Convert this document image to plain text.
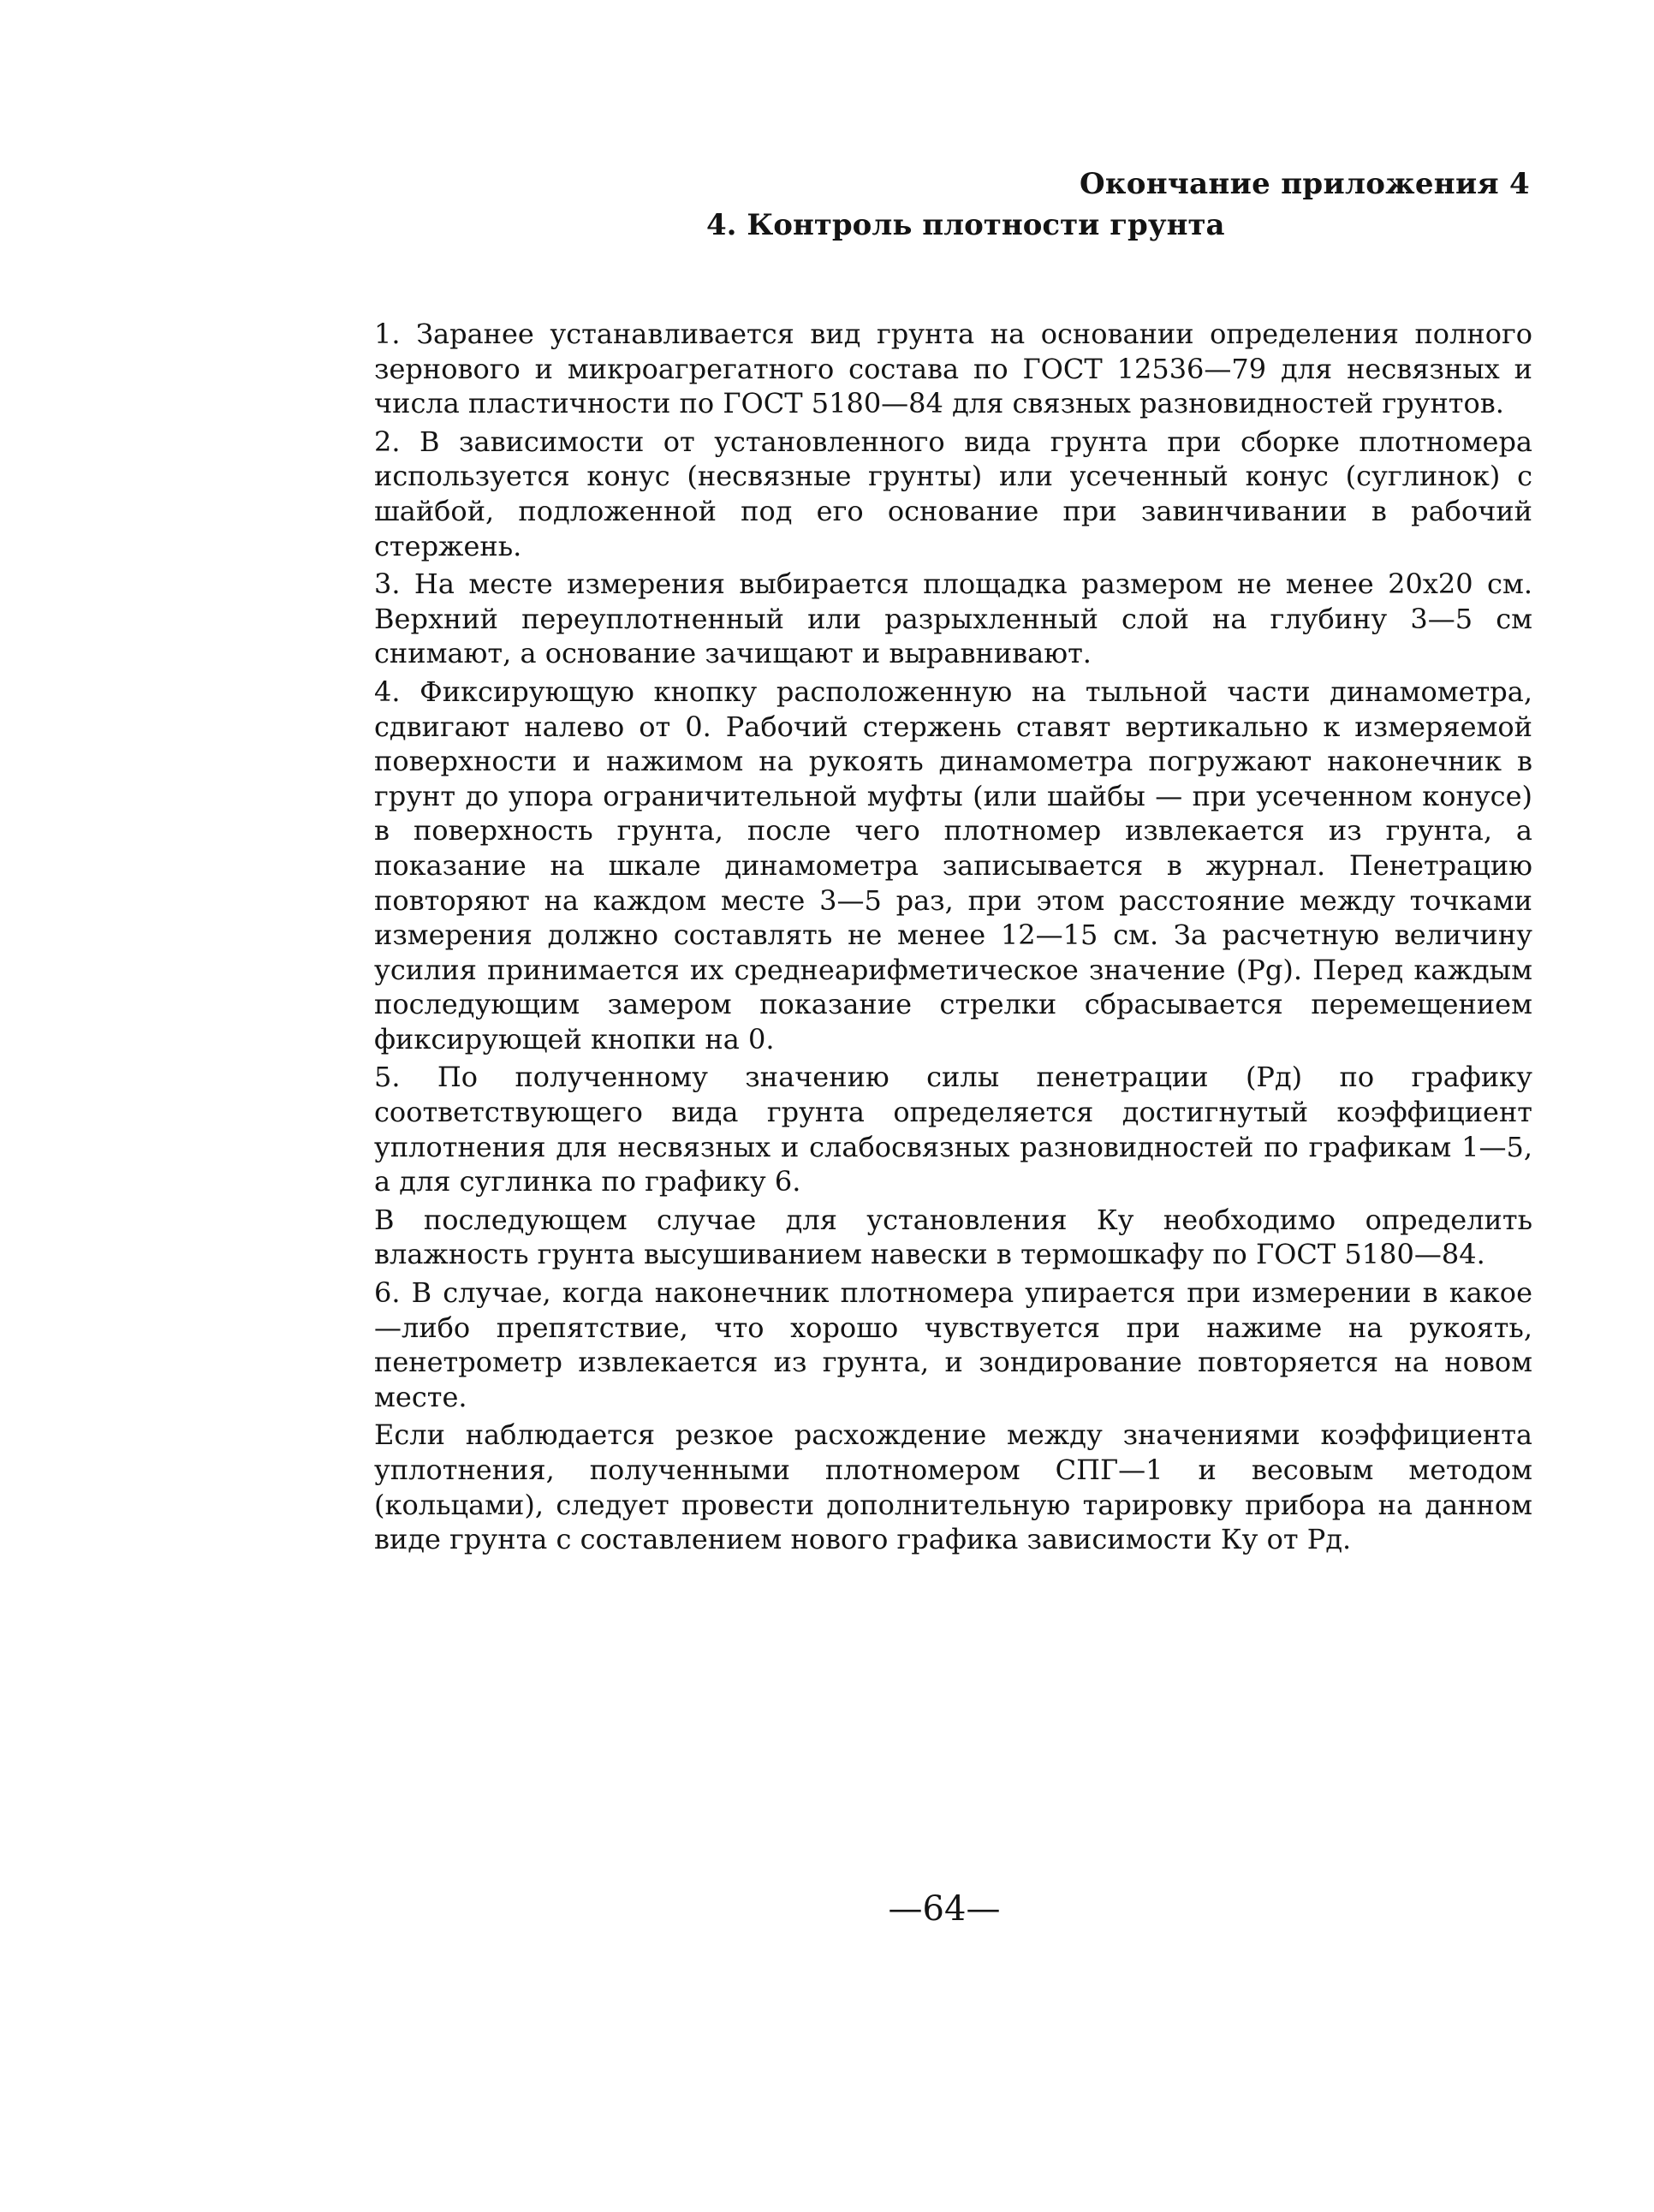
Окончание приложения 4

4. Контроль плотности грунта

1. Заранее устанавливается вид грунта на основании определения полного зернового и микроагрегатного состава по ГОСТ 12536—79 для несвязных и числа пластичности по ГОСТ 5180—84 для связных разновидностей грунтов.

2. В зависимости от установленного вида грунта при сборке плотномера используется конус (несвязные грунты) или усеченный конус (суглинок) с шайбой, подложенной под его основание при завинчивании в рабочий стержень.

3. На месте измерения выбирается площадка размером не менее 20х20 см. Верхний переуплотненный или разрыхленный слой на глубину 3—5 см снимают, а основание зачищают и выравнивают.

4. Фиксирующую кнопку расположенную на тыльной части динамометра, сдвигают налево от 0. Рабочий стержень ставят вертикально к измеряемой поверхности и нажимом на рукоять динамометра погружают наконечник в грунт до упора ограничительной муфты (или шайбы — при усеченном конусе) в поверхность грунта, после чего плотномер извлекается из грунта, а показание на шкале динамометра записывается в журнал. Пенетрацию повторяют на каждом месте 3—5 раз, при этом расстояние между точками измерения должно составлять не менее 12—15 см. За расчетную величину усилия принимается их среднеарифметическое значение (Pg). Перед каждым последующим замером показание стрелки сбрасывается перемещением фиксирующей кнопки на 0.

5. По полученному значению силы пенетрации (Рд) по графику соответствующего вида грунта определяется достигнутый коэффициент уплотнения для несвязных и слабосвязных разновидностей по графикам 1—5, а для суглинка по графику 6.

В последующем случае для установления Ку необходимо определить влажность грунта высушиванием навески в термошкафу по ГОСТ 5180—84.

6. В случае, когда наконечник плотномера упирается при измерении в какое—либо препятствие, что хорошо чувствуется при нажиме на рукоять, пенетрометр извлекается из грунта, и зондирование повторяется на новом месте.

Если наблюдается резкое расхождение между значениями коэффициента уплотнения, полученными плотномером СПГ—1 и весовым методом (кольцами), следует провести дополнительную тарировку прибора на данном виде грунта с составлением нового графика зависимости Ку от Рд.

—64—
